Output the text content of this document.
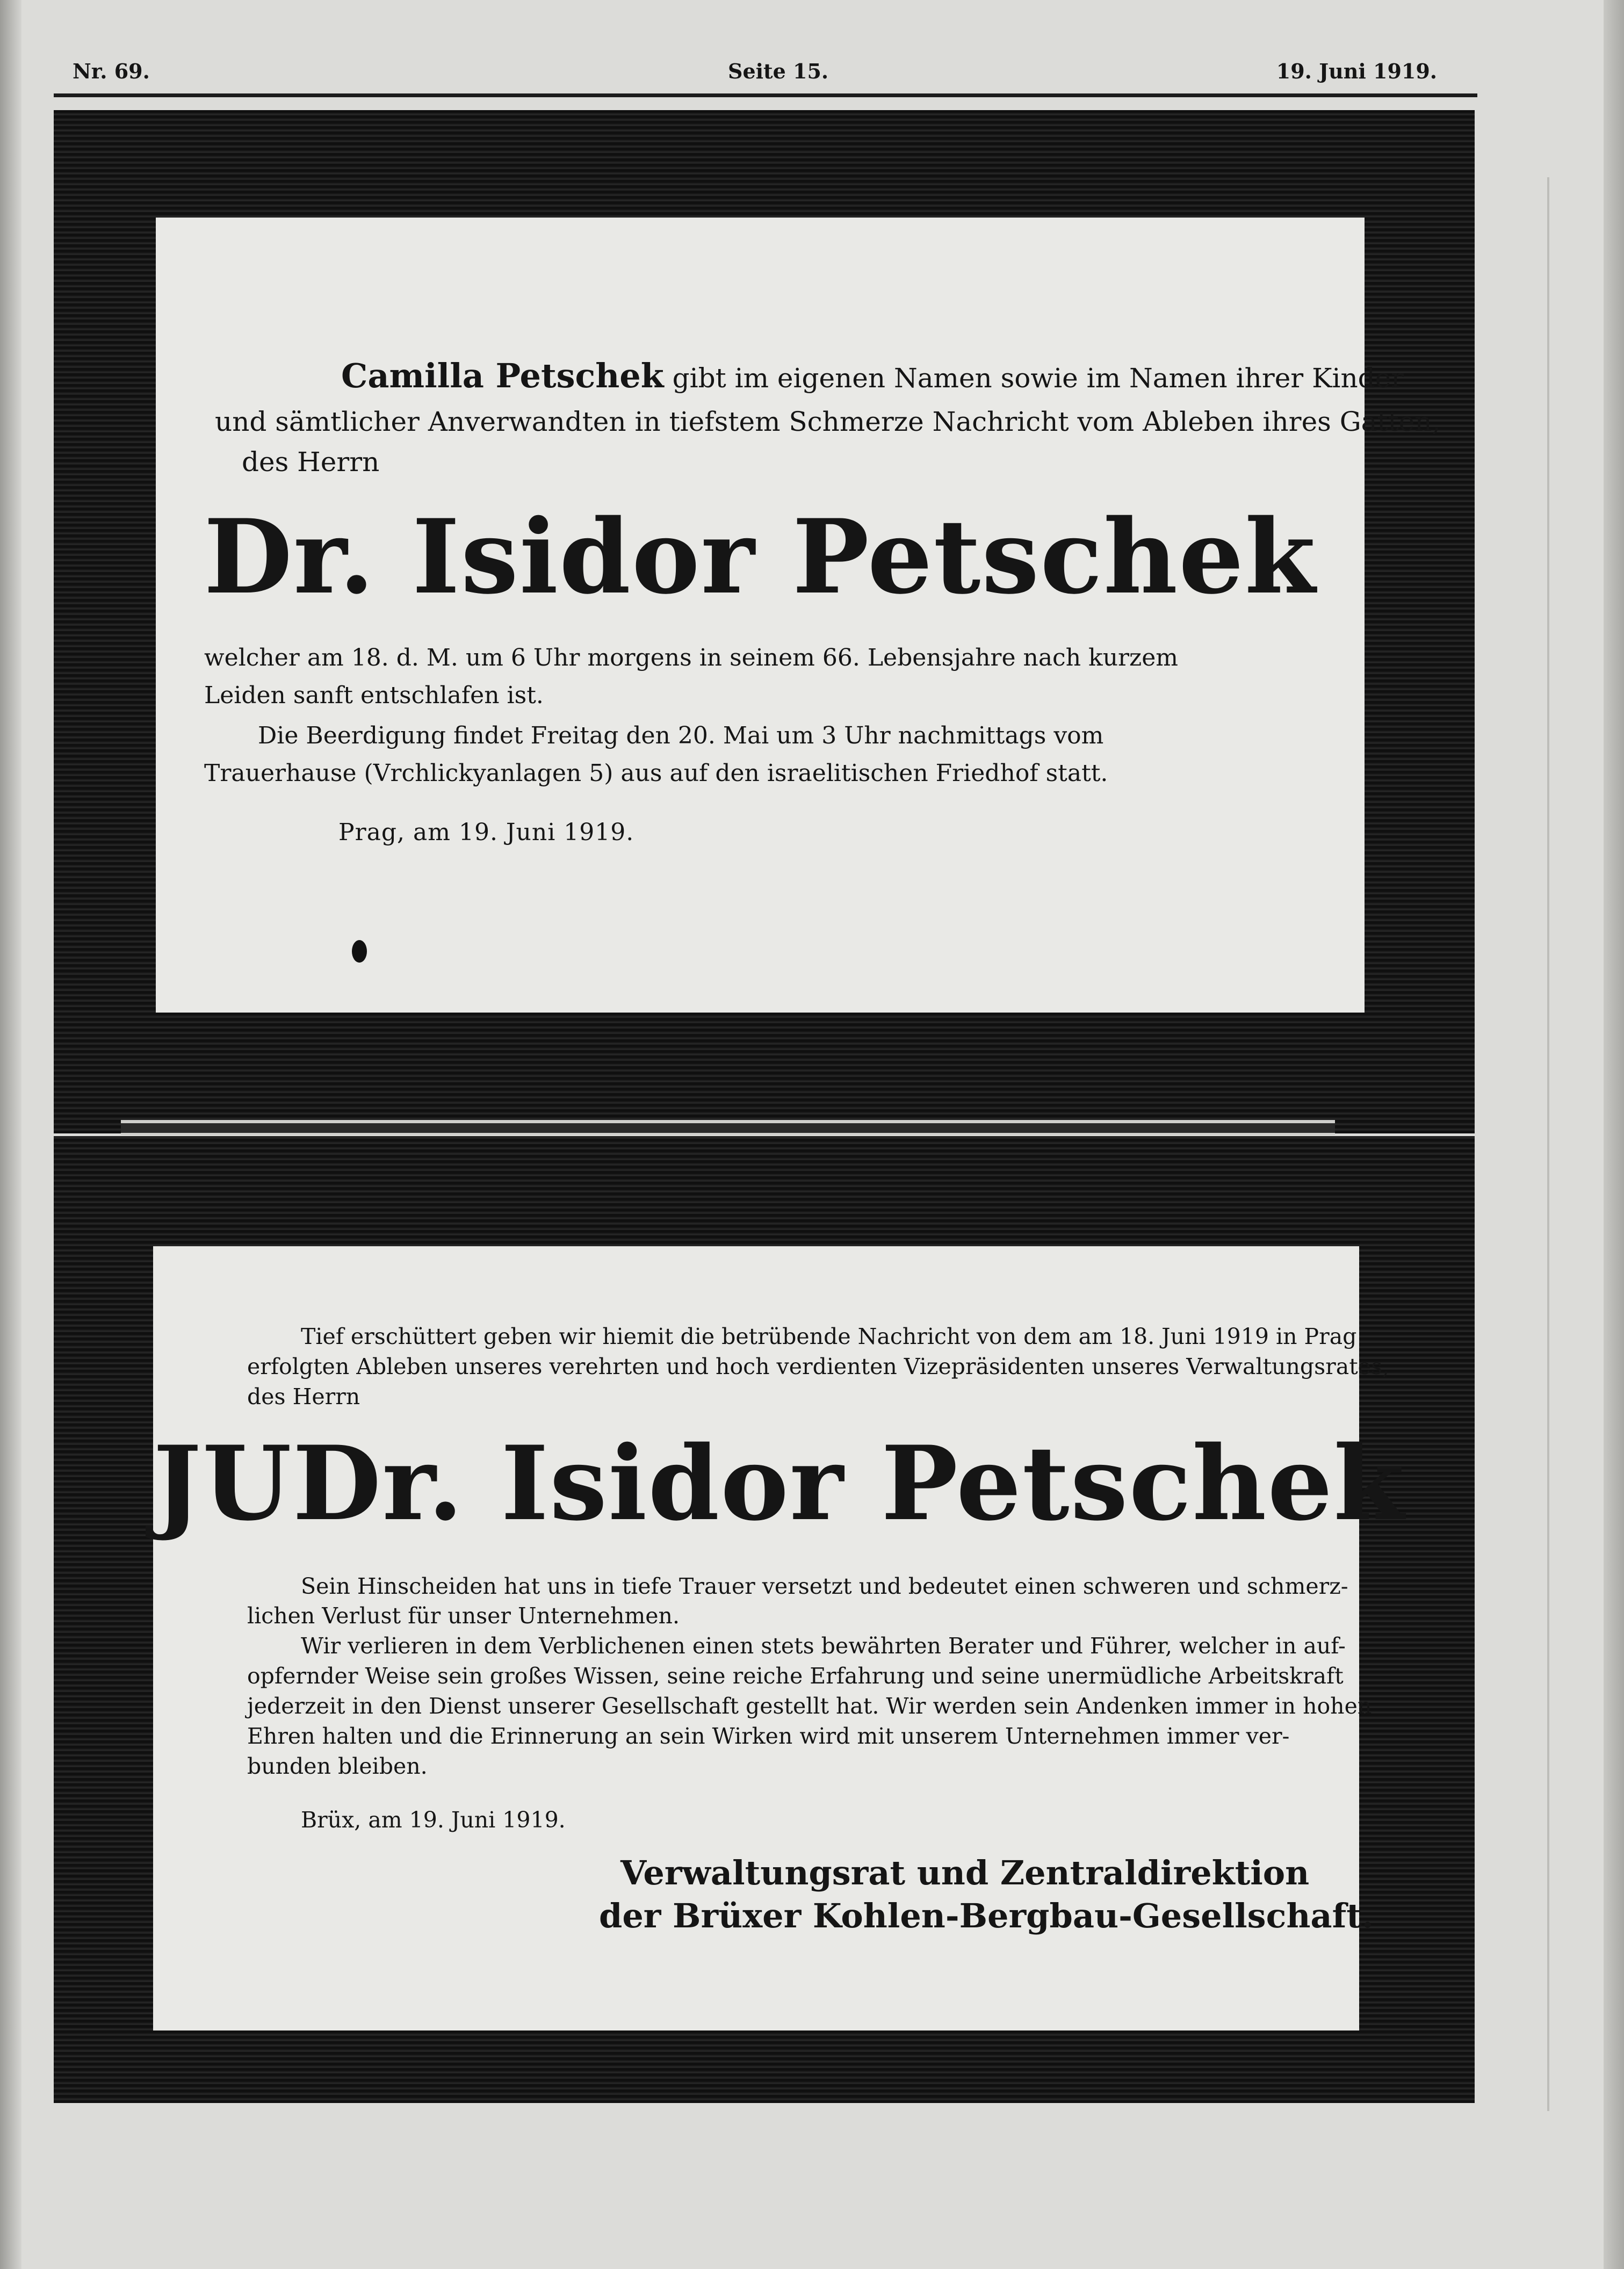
Nr. 69.	Seite 15.	19. Juni 1919.
Camilla Petschek gibt im eigenen Namen sowie im Namen ihrer Kinder
und sämtlicher Anverwandten in tiefstem Schmerze Nachricht vom Ableben ihres Gatten,
des Herrn
Dr. Isidor Petschek
welcher am 18. d. M. um 6 Uhr morgens in seinem 66. Lebensjahre nach kurzem
Leiden sanft entschlafen ist.
Die Beerdigung findet Freitag den 20. Mai um 3 Uhr nachmittags vom
Trauerhause (Vrchlickyanlagen 5) aus auf den israelitischen Friedhof statt.
Prag, am 19. Juni 1919.
Tief erschüttert geben wir hiemit die betrübende Nachricht von dem am 18. Juni 1919 in Prag
erfolgten Ableben unseres verehrten und hoch verdienten Vizepräsidenten unseres Verwaltungsrates,
des Herrn
JUDr. Isidor Petschek
Sein Hinscheiden hat uns in tiefe Trauer versetzt und bedeutet einen schweren und schmerz-
lichen Verlust für unser Unternehmen.
Wir verlieren in dem Verblichenen einen stets bewährten Berater und Führer, welcher in auf-
opfernder Weise sein großes Wissen, seine reiche Erfahrung und seine unermüdliche Arbeitskraft
jederzeit in den Dienst unserer Gesellschaft gestellt hat. Wir werden sein Andenken immer in hohen
Ehren halten und die Erinnerung an sein Wirken wird mit unserem Unternehmen immer ver-
bunden bleiben.
Brüx, am 19. Juni 1919.
Verwaltungsrat und Zentraldirektion
der Brüxer Kohlen-Bergbau-Gesellschaft.
